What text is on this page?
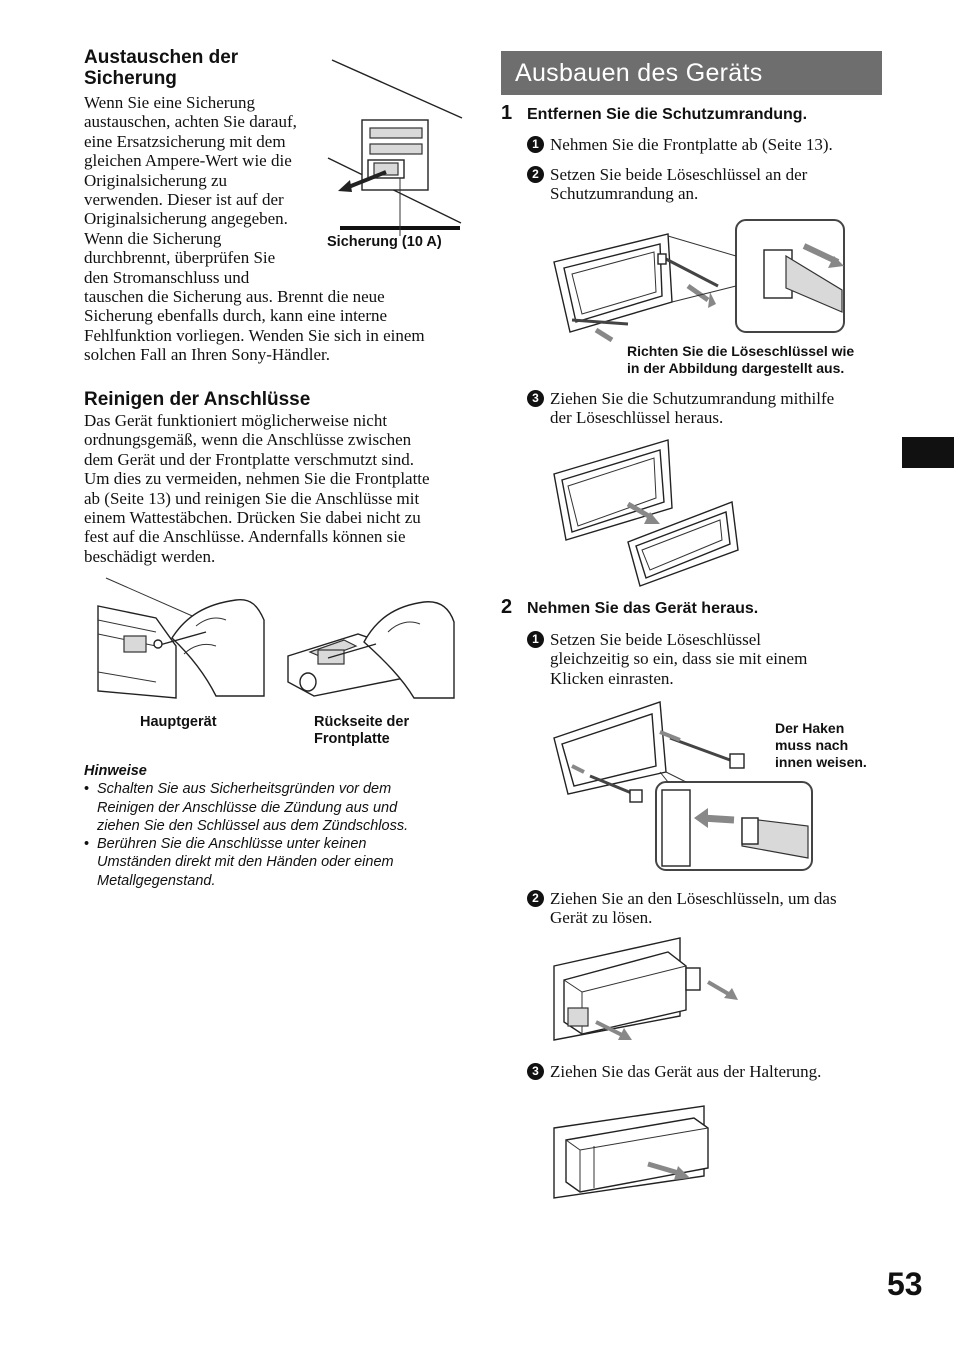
Austauschen der Sicherung
Wenn Sie eine Sicherung
austauschen, achten Sie darauf,
eine Ersatzsicherung mit dem
gleichen Ampere-Wert wie die
Originalsicherung zu
verwenden. Dieser ist auf der
Originalsicherung angegeben.
Wenn die Sicherung
durchbrennt, überprüfen Sie
den Stromanschluss und
tauschen die Sicherung aus. Brennt die neue
Sicherung ebenfalls durch, kann eine interne
Fehlfunktion vorliegen. Wenden Sie sich in einem
solchen Fall an Ihren Sony-Händler.
Sicherung (10 A)
Reinigen der Anschlüsse
Das Gerät funktioniert möglicherweise nicht
ordnungsgemäß, wenn die Anschlüsse zwischen
dem Gerät und der Frontplatte verschmutzt sind.
Um dies zu vermeiden, nehmen Sie die Frontplatte
ab (Seite 13) und reinigen Sie die Anschlüsse mit
einem Wattestäbchen. Drücken Sie dabei nicht zu
fest auf die Anschlüsse. Andernfalls können sie
beschädigt werden.
Hauptgerät	Rückseite der
Frontplatte
Hinweise
• Schalten Sie aus Sicherheitsgründen vor dem
Reinigen der Anschlüsse die Zündung aus und
ziehen Sie den Schlüssel aus dem Zündschloss.
• Berühren Sie die Anschlüsse unter keinen
Umständen direkt mit den Händen oder einem
Metallgegenstand.
Ausbauen des Geräts
1 Entfernen Sie die Schutzumrandung.
1 Nehmen Sie die Frontplatte ab (Seite 13).
2 Setzen Sie beide Löseschlüssel an der
Schutzumrandung an.
Richten Sie die Löseschlüssel wie
in der Abbildung dargestellt aus.
3 Ziehen Sie die Schutzumrandung mithilfe
der Löseschlüssel heraus.
2 Nehmen Sie das Gerät heraus.
1 Setzen Sie beide Löseschlüssel
gleichzeitig so ein, dass sie mit einem
Klicken einrasten.
Der Haken
muss nach
innen weisen.
2 Ziehen Sie an den Löseschlüsseln, um das
Gerät zu lösen.
3 Ziehen Sie das Gerät aus der Halterung.
53
